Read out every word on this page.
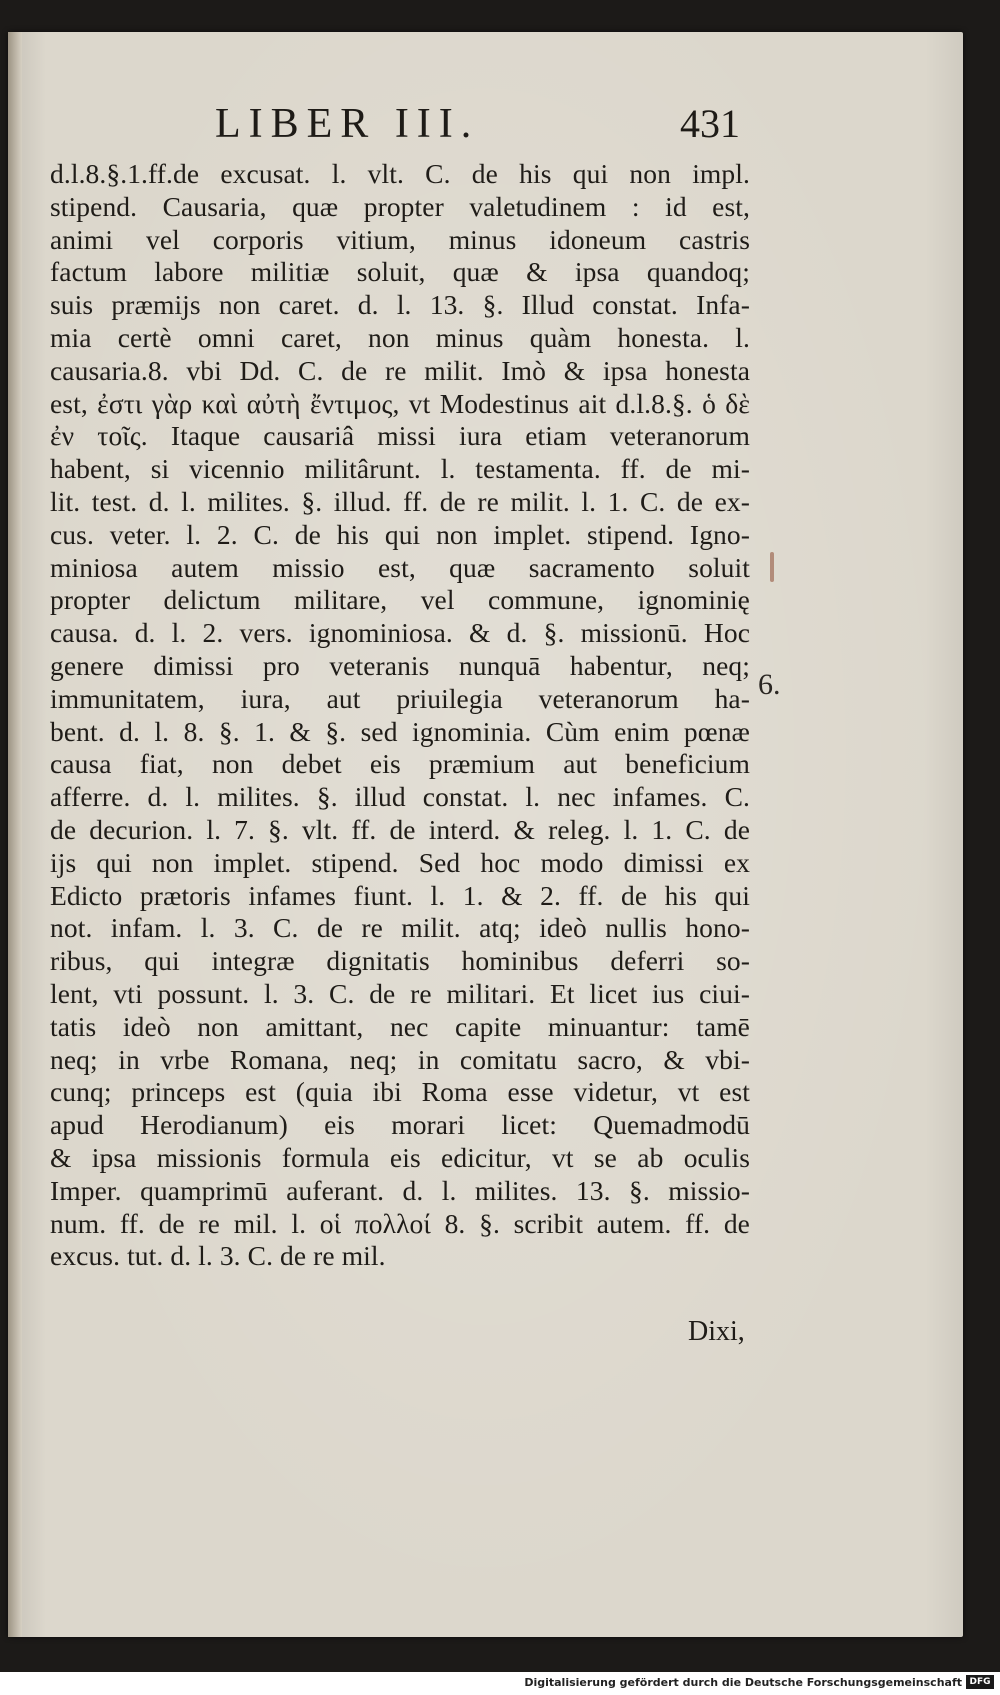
LIBER III.	431
d.l.8.§.1.ff.de excusat. l. vlt. C. de his qui non impl.
stipend. Causaria, quæ propter valetudinem : id est,
animi vel corporis vitium, minus idoneum castris
factum labore militiæ soluit, quæ & ipsa quandoq;
suis præmijs non caret. d. l. 13. §. Illud constat. Infa-
mia certè omni caret, non minus quàm honesta. l.
causaria.8. vbi Dd. C. de re milit. Imò & ipsa honesta
est, ἐστι γὰρ καὶ αὐτὴ ἔντιμος, vt Modestinus ait d.l.8.§. ὁ δὲ
ἐν τοῖς. Itaque causariâ missi iura etiam veteranorum
habent, si vicennio militârunt. l. testamenta. ff. de mi-
lit. test. d. l. milites. §. illud. ff. de re milit. l. 1. C. de ex-
cus. veter. l. 2. C. de his qui non implet. stipend. Igno-
miniosa autem missio est, quæ sacramento soluit
propter delictum militare, vel commune, ignominię
causa. d. l. 2. vers. ignominiosa. & d. §. missionū. Hoc
genere dimissi pro veteranis nunquā habentur, neq;
immunitatem, iura, aut priuilegia veteranorum ha-
bent. d. l. 8. §. 1. & §. sed ignominia. Cùm enim pœnæ
causa fiat, non debet eis præmium aut beneficium
afferre. d. l. milites. §. illud constat. l. nec infames. C.
de decurion. l. 7. §. vlt. ff. de interd. & releg. l. 1. C. de
ijs qui non implet. stipend. Sed hoc modo dimissi ex
Edicto prætoris infames fiunt. l. 1. & 2. ff. de his qui
not. infam. l. 3. C. de re milit. atq; ideò nullis hono-
ribus, qui integræ dignitatis hominibus deferri so-
lent, vti possunt. l. 3. C. de re militari. Et licet ius ciui-
tatis ideò non amittant, nec capite minuantur: tamē
neq; in vrbe Romana, neq; in comitatu sacro, & vbi-
cunq; princeps est (quia ibi Roma esse videtur, vt est
apud Herodianum) eis morari licet: Quemadmodū
& ipsa missionis formula eis edicitur, vt se ab oculis
Imper. quamprimū auferant. d. l. milites. 13. §. missio-
num. ff. de re mil. l. οἱ πολλοί 8. §. scribit autem. ff. de
excus. tut. d. l. 3. C. de re mil.
Dixi,
6.
Digitalisierung gefördert durch die Deutsche Forschungsgemeinschaft DFG
